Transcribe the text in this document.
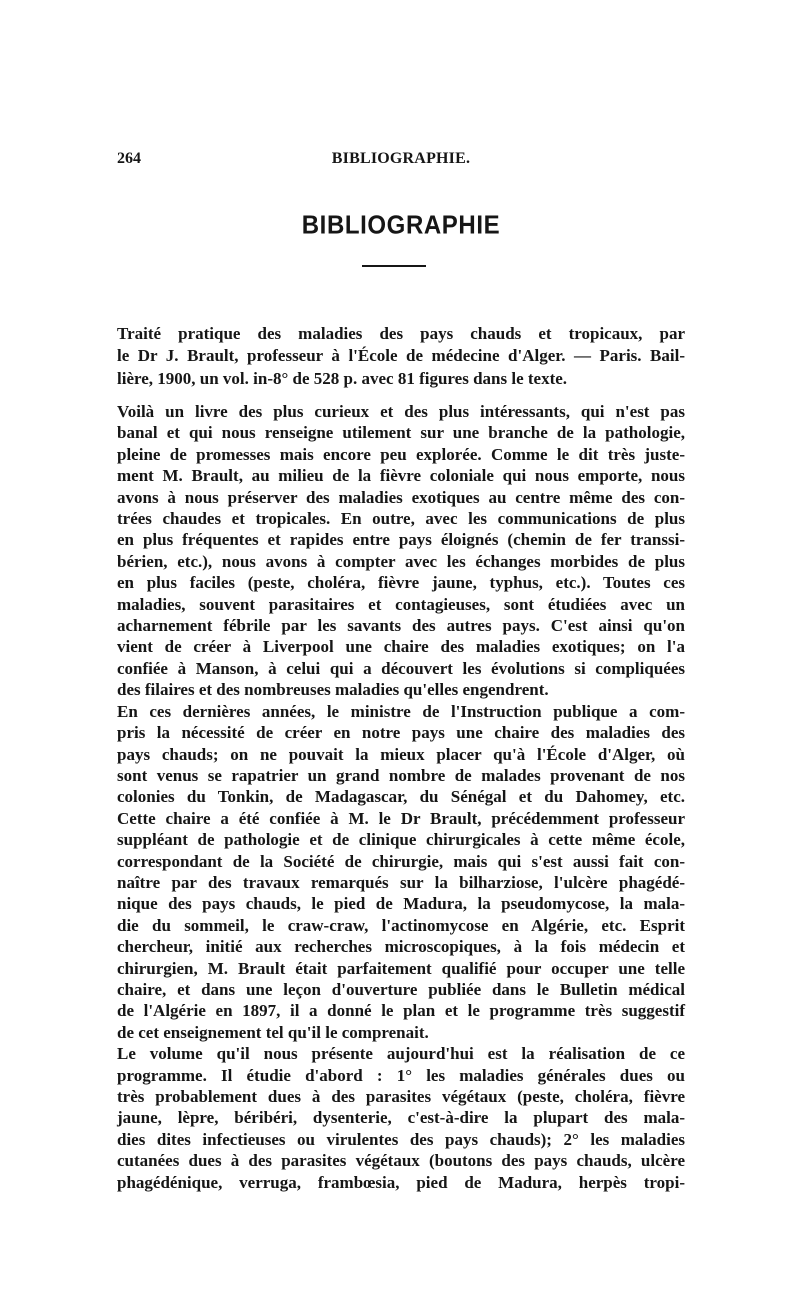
264	BIBLIOGRAPHIE.
BIBLIOGRAPHIE
Traité pratique des maladies des pays chauds et tropicaux, par
le Dr J. Brault, professeur à l'École de médecine d'Alger. — Paris. Bail-
lière, 1900, un vol. in-8° de 528 p. avec 81 figures dans le texte.
Voilà un livre des plus curieux et des plus intéressants, qui n'est pas
banal et qui nous renseigne utilement sur une branche de la pathologie,
pleine de promesses mais encore peu explorée. Comme le dit très juste-
ment M. Brault, au milieu de la fièvre coloniale qui nous emporte, nous
avons à nous préserver des maladies exotiques au centre même des con-
trées chaudes et tropicales. En outre, avec les communications de plus
en plus fréquentes et rapides entre pays éloignés (chemin de fer transsi-
bérien, etc.), nous avons à compter avec les échanges morbides de plus
en plus faciles (peste, choléra, fièvre jaune, typhus, etc.). Toutes ces
maladies, souvent parasitaires et contagieuses, sont étudiées avec un
acharnement fébrile par les savants des autres pays. C'est ainsi qu'on
vient de créer à Liverpool une chaire des maladies exotiques; on l'a
confiée à Manson, à celui qui a découvert les évolutions si compliquées
des filaires et des nombreuses maladies qu'elles engendrent.
En ces dernières années, le ministre de l'Instruction publique a com-
pris la nécessité de créer en notre pays une chaire des maladies des
pays chauds; on ne pouvait la mieux placer qu'à l'École d'Alger, où
sont venus se rapatrier un grand nombre de malades provenant de nos
colonies du Tonkin, de Madagascar, du Sénégal et du Dahomey, etc.
Cette chaire a été confiée à M. le Dr Brault, précédemment professeur
suppléant de pathologie et de clinique chirurgicales à cette même école,
correspondant de la Société de chirurgie, mais qui s'est aussi fait con-
naître par des travaux remarqués sur la bilharziose, l'ulcère phagédé-
nique des pays chauds, le pied de Madura, la pseudomycose, la mala-
die du sommeil, le craw-craw, l'actinomycose en Algérie, etc. Esprit
chercheur, initié aux recherches microscopiques, à la fois médecin et
chirurgien, M. Brault était parfaitement qualifié pour occuper une telle
chaire, et dans une leçon d'ouverture publiée dans le Bulletin médical
de l'Algérie en 1897, il a donné le plan et le programme très suggestif
de cet enseignement tel qu'il le comprenait.
Le volume qu'il nous présente aujourd'hui est la réalisation de ce
programme. Il étudie d'abord : 1° les maladies générales dues ou
très probablement dues à des parasites végétaux (peste, choléra, fièvre
jaune, lèpre, béribéri, dysenterie, c'est-à-dire la plupart des mala-
dies dites infectieuses ou virulentes des pays chauds); 2° les maladies
cutanées dues à des parasites végétaux (boutons des pays chauds, ulcère
phagédénique, verruga, frambœsia, pied de Madura, herpès tropi-
